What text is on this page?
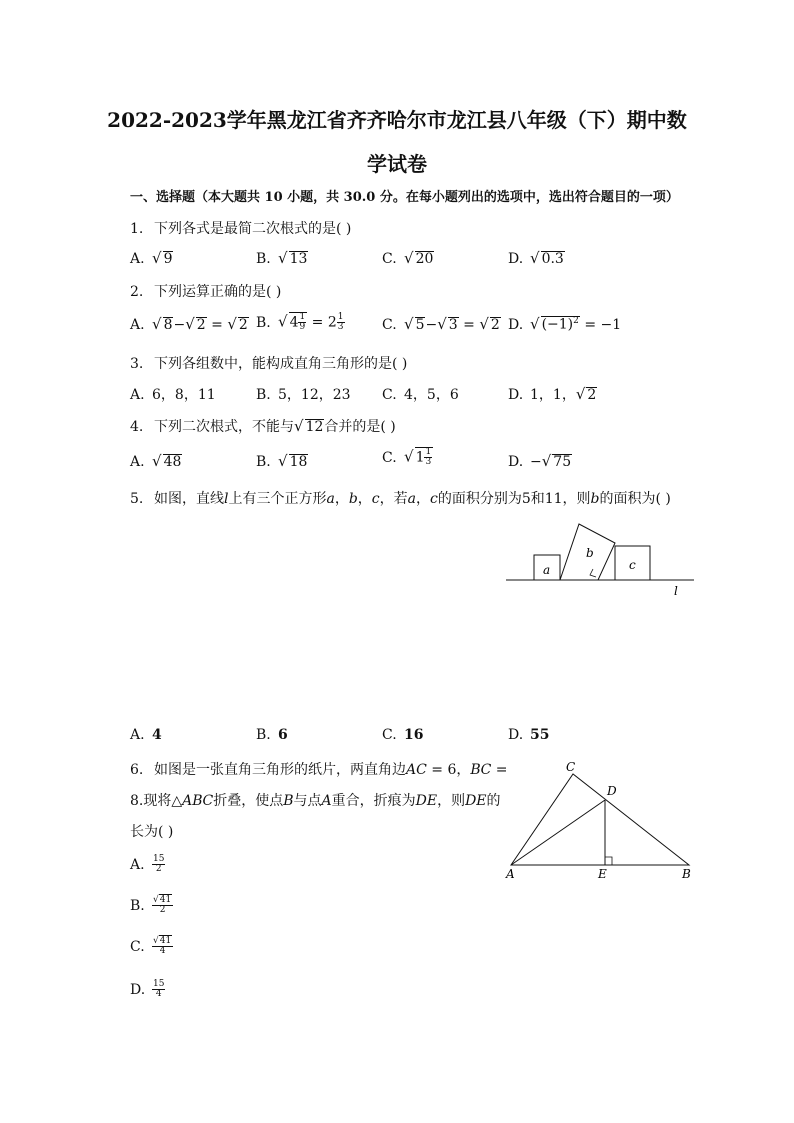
2022-2023学年黑龙江省齐齐哈尔市龙江县八年级（下）期中数
学试卷
一、选择题（本大题共 10 小题，共 30.0 分。在每小题列出的选项中，选出符合题目的一项）
1. 下列各式是最简二次根式的是( )
A. √ 9	B. √ 13	C. √ 20	D. √ 0.3
2. 下列运算正确的是( )
A. √ 8−√ 2 = √ 2 B. √ $4 \frac{1}{9} = 2 \frac{1}{3}$	C. √ 5−√ 3 = √ 2 D. √ $(-1)^2 = -1$
3. 下列各组数中，能构成直角三角形的是( )
A. 6，8，11	B. 5，12，23 C. 4，5，6	D. 1，1，√ 2
4. 下列二次根式，不能与√ 12合并的是( )
A. √ 48	B. √ 18	C. √ $1 \frac{1}{3}$	D. −√ 75
5. 如图，直线𝑙上有三个正方形𝑎，𝑏，𝑐，若𝑎，𝑐的面积分别为5和11，则𝑏的面积为( )
a
b
c
l
A. 4	B. 6	C. 16	D. 55
6. 如图是一张直角三角形的纸片，两直角边𝐴𝐶 = 6，𝐵𝐶 =
8.现将△𝐴𝐵𝐶折叠，使点𝐵与点𝐴重合，折痕为𝐷𝐸，则𝐷𝐸的
长为( )
C
D
A	E	B
A. $\frac{15}{2}$
B. $\frac{√41}{2}$
C. $\frac{√41}{4}$
D. $\frac{15}{4}$
